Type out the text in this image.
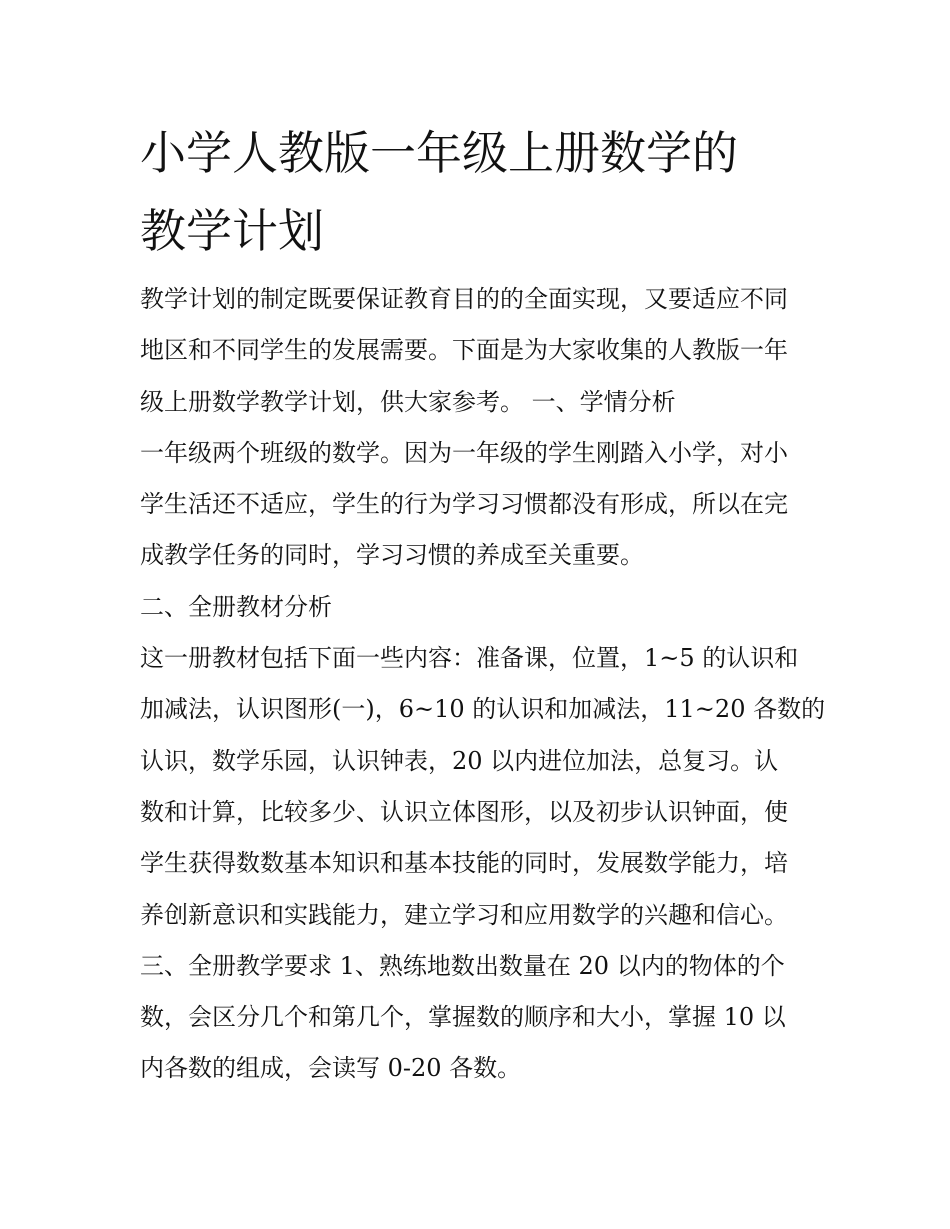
小学人教版一年级上册数学的
教学计划
教学计划的制定既要保证教育目的的全面实现，又要适应不同
地区和不同学生的发展需要。下面是为大家收集的人教版一年
级上册数学教学计划，供大家参考。 一、学情分析
一年级两个班级的数学。因为一年级的学生刚踏入小学，对小
学生活还不适应，学生的行为学习习惯都没有形成，所以在完
成教学任务的同时，学习习惯的养成至关重要。
二、全册教材分析
这一册教材包括下面一些内容：准备课，位置，1~5 的认识和
加减法，认识图形(一)，6~10 的认识和加减法，11~20 各数的
认识，数学乐园，认识钟表，20 以内进位加法，总复习。认
数和计算，比较多少、认识立体图形，以及初步认识钟面，使
学生获得数数基本知识和基本技能的同时，发展数学能力，培
养创新意识和实践能力，建立学习和应用数学的兴趣和信心。
三、全册教学要求 1、熟练地数出数量在 20 以内的物体的个
数，会区分几个和第几个，掌握数的顺序和大小，掌握 10 以
内各数的组成，会读写 0-20 各数。
